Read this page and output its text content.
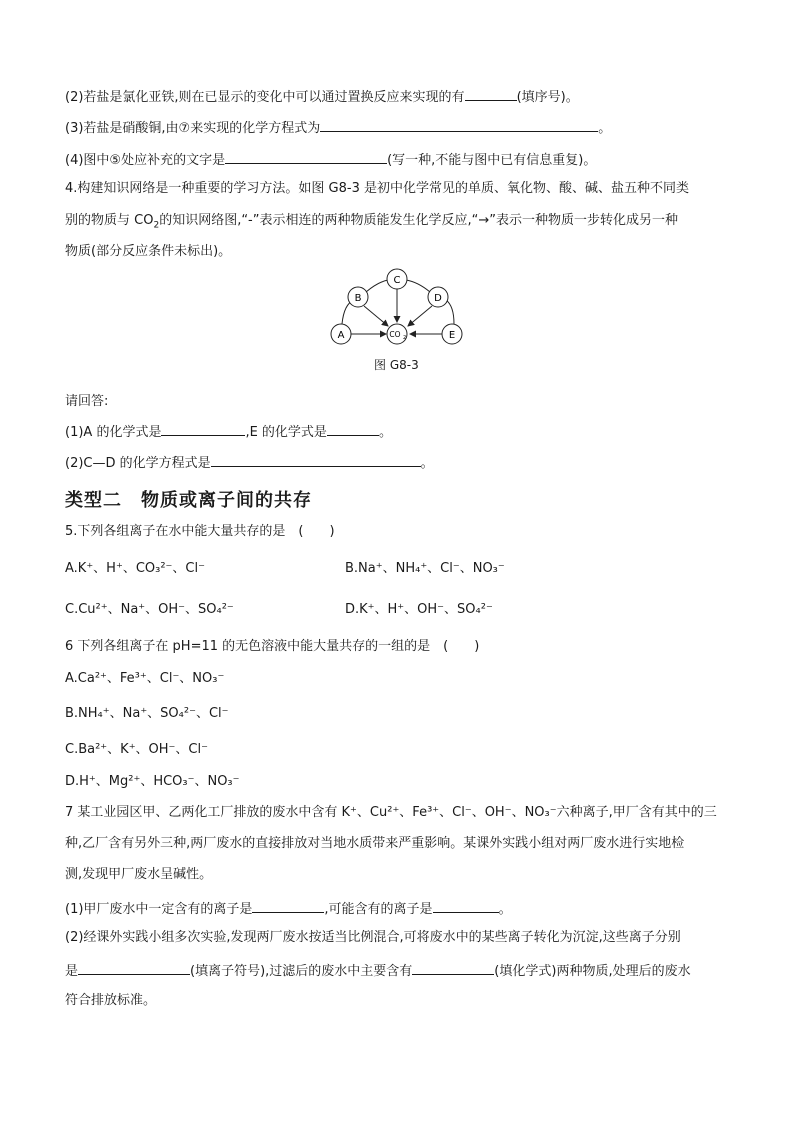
(2)若盐是氯化亚铁,则在已显示的变化中可以通过置换反应来实现的有	(填序号)。
(3)若盐是硝酸铜,由⑦来实现的化学方程式为	。
(4)图中⑤处应补充的文字是	(写一种,不能与图中已有信息重复)。
4.构建知识网络是一种重要的学习方法。如图 G8-3 是初中化学常见的单质、氧化物、酸、碱、盐五种不同类
别的物质与 $CO_2$的知识网络图,“-”表示相连的两种物质能发生化学反应,“→”表示一种物质一步转化成另一种
物质(部分反应条件未标出)。
A
B
C
D
E
CO 2
图 G8-3
请回答:
(1)A 的化学式是	,E 的化学式是	。
(2)C—D 的化学方程式是	。
类型二　物质或离子间的共存
5.下列各组离子在水中能大量共存的是　(　　)
A.K⁺、H⁺、CO₃²⁻、Cl⁻	B.Na⁺、NH₄⁺、Cl⁻、NO₃⁻
C.Cu²⁺、Na⁺、OH⁻、SO₄²⁻	D.K⁺、H⁺、OH⁻、SO₄²⁻
6 下列各组离子在 pH=11 的无色溶液中能大量共存的一组的是　(　　)
A.Ca²⁺、Fe³⁺、Cl⁻、NO₃⁻
B.NH₄⁺、Na⁺、SO₄²⁻、Cl⁻
C.Ba²⁺、K⁺、OH⁻、Cl⁻
D.H⁺、Mg²⁺、HCO₃⁻、NO₃⁻
7 某工业园区甲、乙两化工厂排放的废水中含有 K⁺、Cu²⁺、Fe³⁺、Cl⁻、OH⁻、NO₃⁻六种离子,甲厂含有其中的三
种,乙厂含有另外三种,两厂废水的直接排放对当地水质带来严重影响。某课外实践小组对两厂废水进行实地检
测,发现甲厂废水呈碱性。
(1)甲厂废水中一定含有的离子是	,可能含有的离子是	。
(2)经课外实践小组多次实验,发现两厂废水按适当比例混合,可将废水中的某些离子转化为沉淀,这些离子分别
是	(填离子符号),过滤后的废水中主要含有	(填化学式)两种物质,处理后的废水
符合排放标准。
